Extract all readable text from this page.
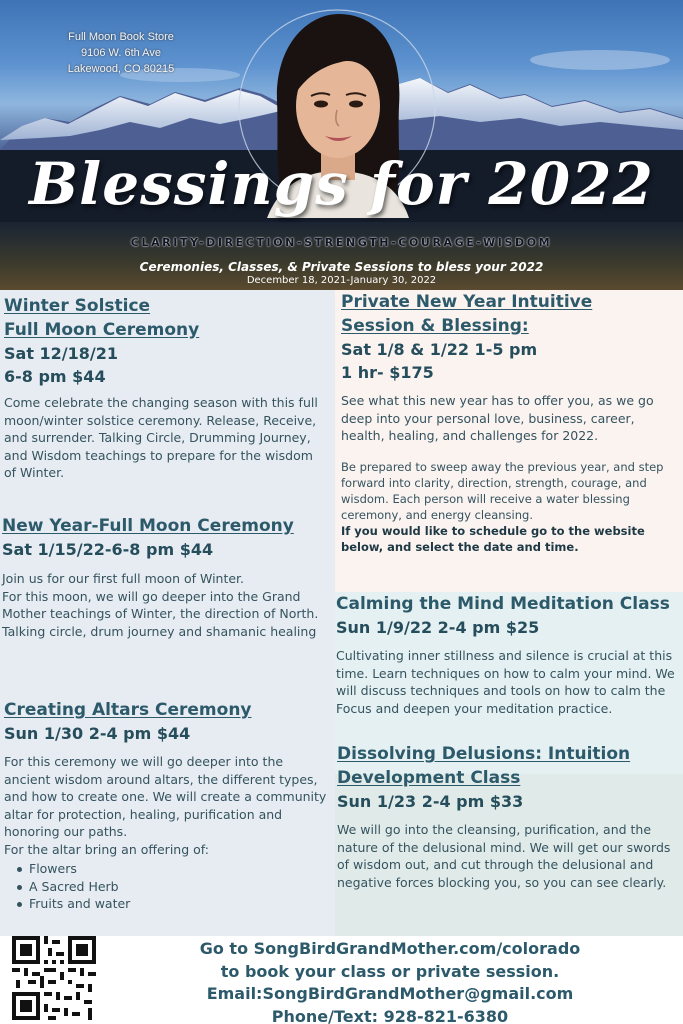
Full Moon Book Store
9106 W. 6th Ave
Lakewood, CO 80215
Blessings for 2022
CLARITY-DIRECTION-STRENGTH-COURAGE-WISDOM
Ceremonies, Classes, & Private Sessions to bless your 2022
December 18, 2021-January 30, 2022
Winter Solstice
Full Moon Ceremony
Sat 12/18/21
6-8 pm $44

Come celebrate the changing season with this full moon/winter solstice ceremony. Release, Receive, and surrender. Talking Circle, Drumming Journey, and Wisdom teachings to prepare for the wisdom of Winter.

New Year-Full Moon Ceremony
Sat 1/15/22-6-8 pm $44

Join us for our first full moon of Winter.

For this moon, we will go deeper into the Grand Mother teachings of Winter, the direction of North.

Talking circle, drum journey and shamanic healing

Creating Altars Ceremony
Sun 1/30 2-4 pm $44

For this ceremony we will go deeper into the ancient wisdom around altars, the different types, and how to create one. We will create a community altar for protection, healing, purification and honoring our paths.

For the altar bring an offering of:

Flowers
A Sacred Herb
Fruits and water
Private New Year Intuitive
Session & Blessing:
Sat 1/8 & 1/22 1-5 pm
1 hr- $175

See what this new year has to offer you, as we go deep into your personal love, business, career, health, healing, and challenges for 2022.

Be prepared to sweep away the previous year, and step forward into clarity, direction, strength, courage, and wisdom. Each person will receive a water blessing ceremony, and energy cleansing.

If you would like to schedule go to the website below, and select the date and time.

Calming the Mind Meditation Class
Sun 1/9/22 2-4 pm $25

Cultivating inner stillness and silence is crucial at this time. Learn techniques on how to calm your mind. We will discuss techniques and tools on how to calm the Focus and deepen your meditation practice.

Dissolving Delusions: Intuition
Development Class
Sun 1/23 2-4 pm $33

We will go into the cleansing, purification, and the nature of the delusional mind. We will get our swords of wisdom out, and cut through the delusional and negative forces blocking you, so you can see clearly.

Go to SongBirdGrandMother.com/colorado
to book your class or private session.
Email:SongBirdGrandMother@gmail.com
Phone/Text: 928-821-6380
